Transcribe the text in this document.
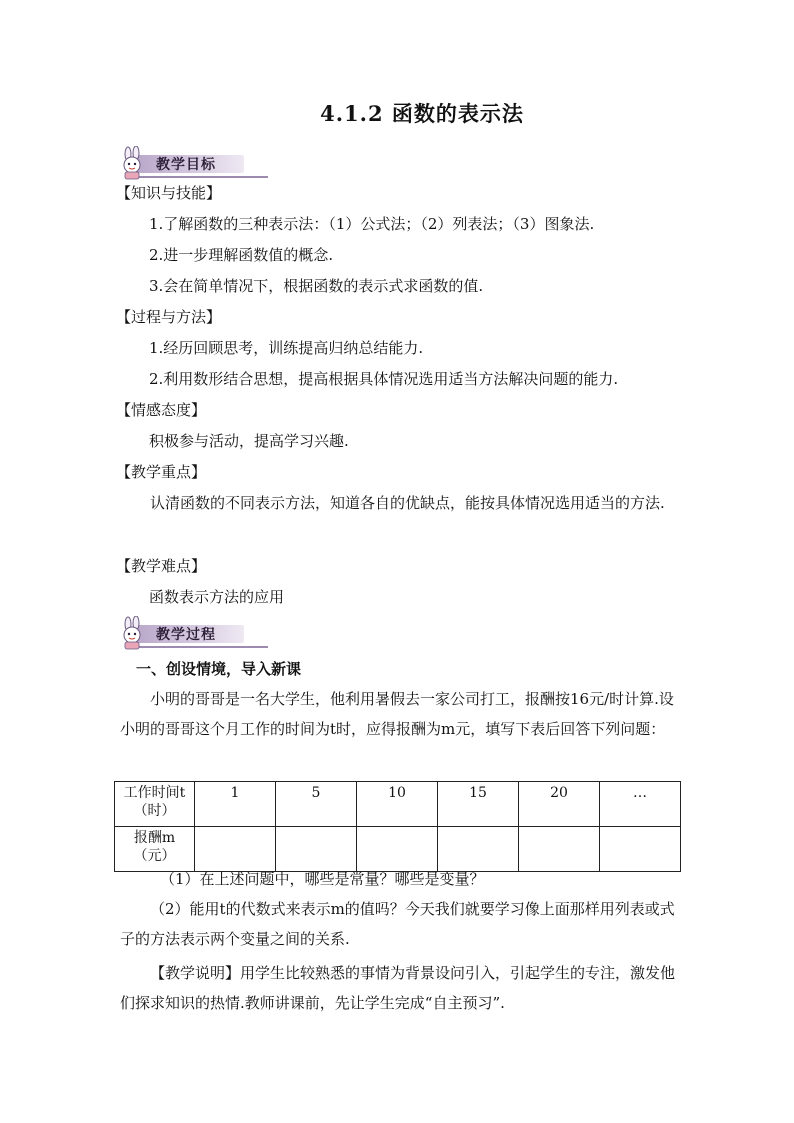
4.1.2 函数的表示法
教学目标
【知识与技能】
1.了解函数的三种表示法：（1）公式法；（2）列表法；（3）图象法.
2.进一步理解函数值的概念.
3.会在简单情况下，根据函数的表示式求函数的值.
【过程与方法】
1.经历回顾思考，训练提高归纳总结能力.
2.利用数形结合思想，提高根据具体情况选用适当方法解决问题的能力.
【情感态度】
积极参与活动，提高学习兴趣.
【教学重点】
认清函数的不同表示方法，知道各自的优缺点，能按具体情况选用适当的方法.
【教学难点】
函数表示方法的应用
教学过程
一、创设情境，导入新课
小明的哥哥是一名大学生，他利用暑假去一家公司打工，报酬按16元/时计算.设小明的哥哥这个月工作的时间为t时，应得报酬为m元，填写下表后回答下列问题：
工作时间t（时）	1	5	10	15	20	…
报酬m（元）						
（1）在上述问题中，哪些是常量？哪些是变量？
（2）能用t的代数式来表示m的值吗？今天我们就要学习像上面那样用列表或式子的方法表示两个变量之间的关系.
【教学说明】用学生比较熟悉的事情为背景设问引入，引起学生的专注，激发他们探求知识的热情.教师讲课前，先让学生完成“自主预习”.
